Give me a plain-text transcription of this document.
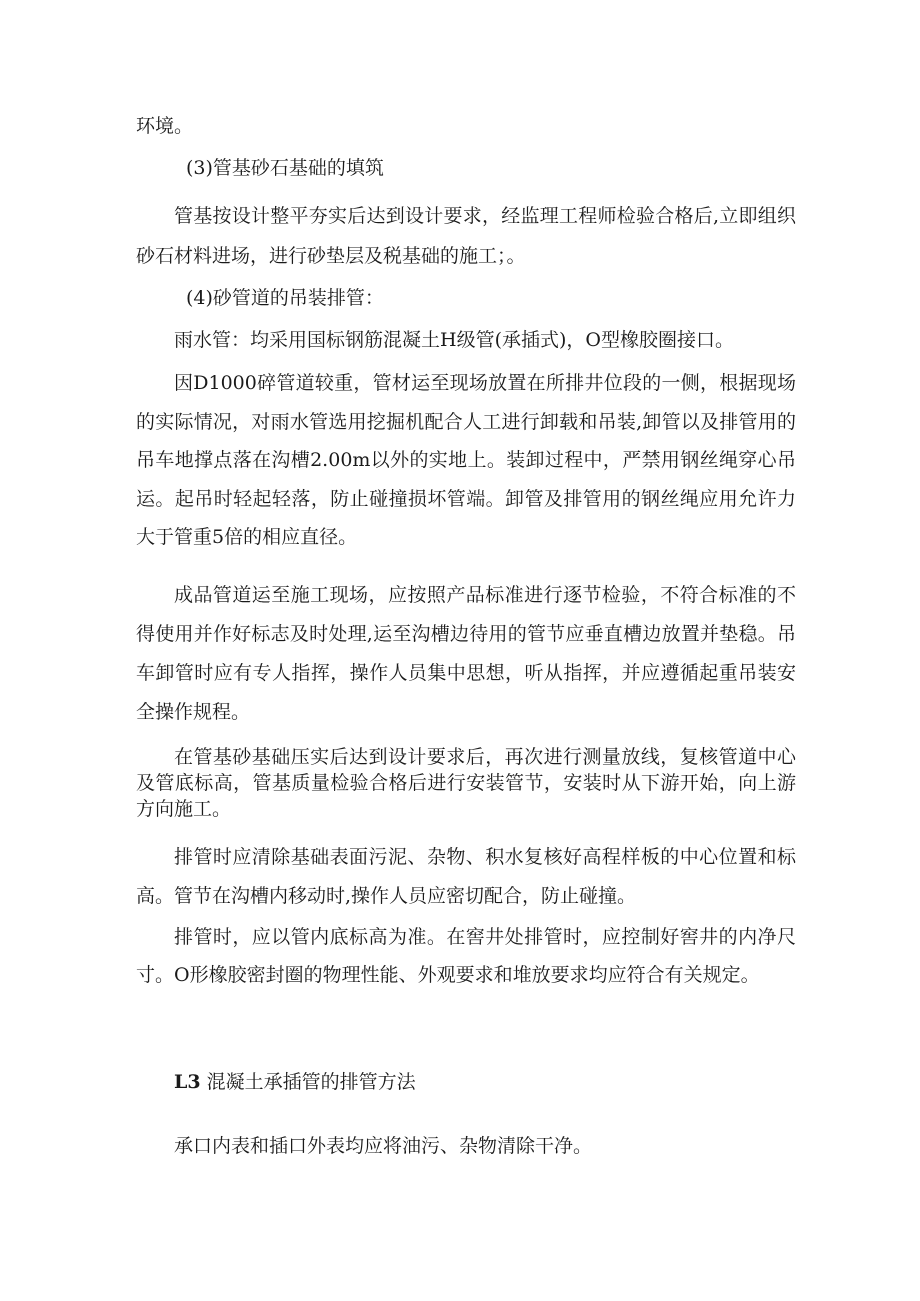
环境。

(3)管基砂石基础的填筑

管基按设计整平夯实后达到设计要求，经监理工程师检验合格后,立即组织砂石材料进场，进行砂垫层及税基础的施工；。

(4)砂管道的吊装排管：

雨水管：均采用国标钢筋混凝土H级管(承插式)，O型橡胶圈接口。

因D1000碎管道较重，管材运至现场放置在所排井位段的一侧，根据现场的实际情况，对雨水管选用挖掘机配合人工进行卸载和吊装,卸管以及排管用的吊车地撑点落在沟槽2.00m以外的实地上。装卸过程中，严禁用钢丝绳穿心吊运。起吊时轻起轻落，防止碰撞损坏管端。卸管及排管用的钢丝绳应用允许力大于管重5倍的相应直径。

成品管道运至施工现场，应按照产品标准进行逐节检验，不符合标准的不得使用并作好标志及时处理,运至沟槽边待用的管节应垂直槽边放置并垫稳。吊车卸管时应有专人指挥，操作人员集中思想，听从指挥，并应遵循起重吊装安全操作规程。

在管基砂基础压实后达到设计要求后，再次进行测量放线，复核管道中心及管底标高，管基质量检验合格后进行安装管节，安装时从下游开始，向上游方向施工。

排管时应清除基础表面污泥、杂物、积水复核好高程样板的中心位置和标高。管节在沟槽内移动时,操作人员应密切配合，防止碰撞。

排管时，应以管内底标高为准。在窖井处排管时，应控制好窖井的内净尺寸。O形橡胶密封圈的物理性能、外观要求和堆放要求均应符合有关规定。

L3 混凝土承插管的排管方法

承口内表和插口外表均应将油污、杂物清除干净。
